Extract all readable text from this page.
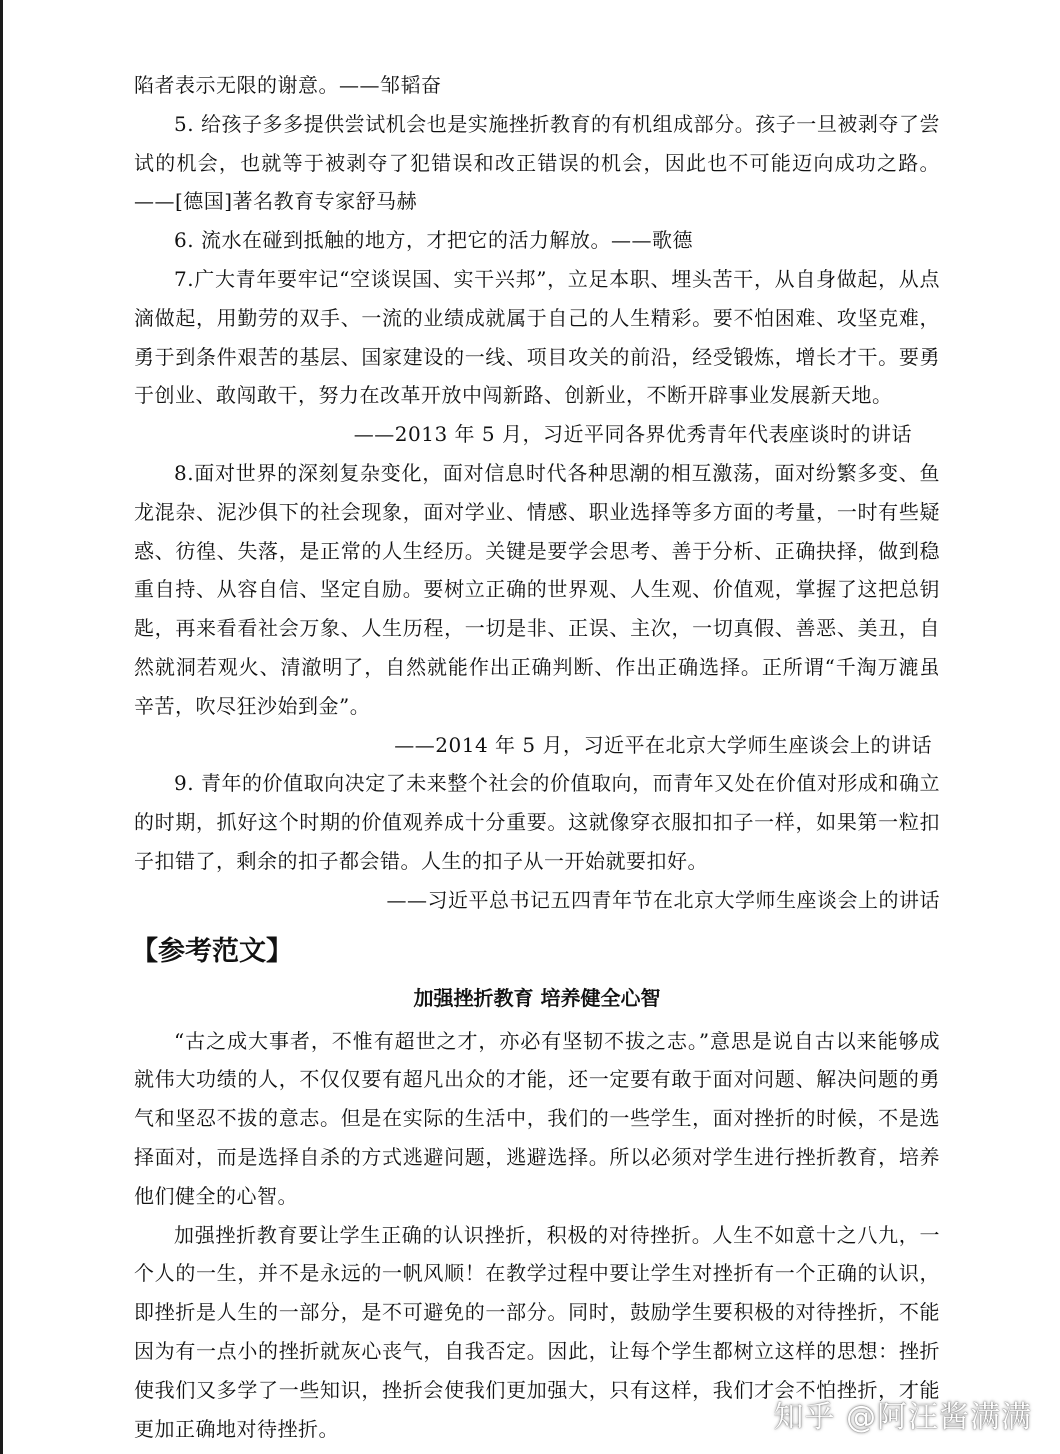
陷者表示无限的谢意。——邹韬奋

5. 给孩子多多提供尝试机会也是实施挫折教育的有机组成部分。孩子一旦被剥夺了尝试的机会，也就等于被剥夺了犯错误和改正错误的机会，因此也不可能迈向成功之路。——[德国]著名教育专家舒马赫

6. 流水在碰到抵触的地方，才把它的活力解放。——歌德

7.广大青年要牢记“空谈误国、实干兴邦”，立足本职、埋头苦干，从自身做起，从点滴做起，用勤劳的双手、一流的业绩成就属于自己的人生精彩。要不怕困难、攻坚克难，勇于到条件艰苦的基层、国家建设的一线、项目攻关的前沿，经受锻炼，增长才干。要勇于创业、敢闯敢干，努力在改革开放中闯新路、创新业，不断开辟事业发展新天地。

——2013 年 5 月，习近平同各界优秀青年代表座谈时的讲话

8.面对世界的深刻复杂变化，面对信息时代各种思潮的相互激荡，面对纷繁多变、鱼龙混杂、泥沙俱下的社会现象，面对学业、情感、职业选择等多方面的考量，一时有些疑惑、彷徨、失落，是正常的人生经历。关键是要学会思考、善于分析、正确抉择，做到稳重自持、从容自信、坚定自励。要树立正确的世界观、人生观、价值观，掌握了这把总钥匙，再来看看社会万象、人生历程，一切是非、正误、主次，一切真假、善恶、美丑，自然就洞若观火、清澈明了，自然就能作出正确判断、作出正确选择。正所谓“千淘万漉虽辛苦，吹尽狂沙始到金”。

——2014 年 5 月，习近平在北京大学师生座谈会上的讲话

9. 青年的价值取向决定了未来整个社会的价值取向，而青年又处在价值对形成和确立的时期，抓好这个时期的价值观养成十分重要。这就像穿衣服扣扣子一样，如果第一粒扣子扣错了，剩余的扣子都会错。人生的扣子从一开始就要扣好。

——习近平总书记五四青年节在北京大学师生座谈会上的讲话

【参考范文】
加强挫折教育 培养健全心智

“古之成大事者，不惟有超世之才，亦必有坚韧不拔之志。”意思是说自古以来能够成就伟大功绩的人，不仅仅要有超凡出众的才能，还一定要有敢于面对问题、解决问题的勇气和坚忍不拔的意志。但是在实际的生活中，我们的一些学生，面对挫折的时候，不是选择面对，而是选择自杀的方式逃避问题，逃避选择。所以必须对学生进行挫折教育，培养他们健全的心智。

加强挫折教育要让学生正确的认识挫折，积极的对待挫折。人生不如意十之八九，一个人的一生，并不是永远的一帆风顺！在教学过程中要让学生对挫折有一个正确的认识，即挫折是人生的一部分，是不可避免的一部分。同时，鼓励学生要积极的对待挫折，不能因为有一点小的挫折就灰心丧气，自我否定。因此，让每个学生都树立这样的思想：挫折使我们又多学了一些知识，挫折会使我们更加强大，只有这样，我们才会不怕挫折，才能更加正确地对待挫折。	知乎 @阿汪酱满满
